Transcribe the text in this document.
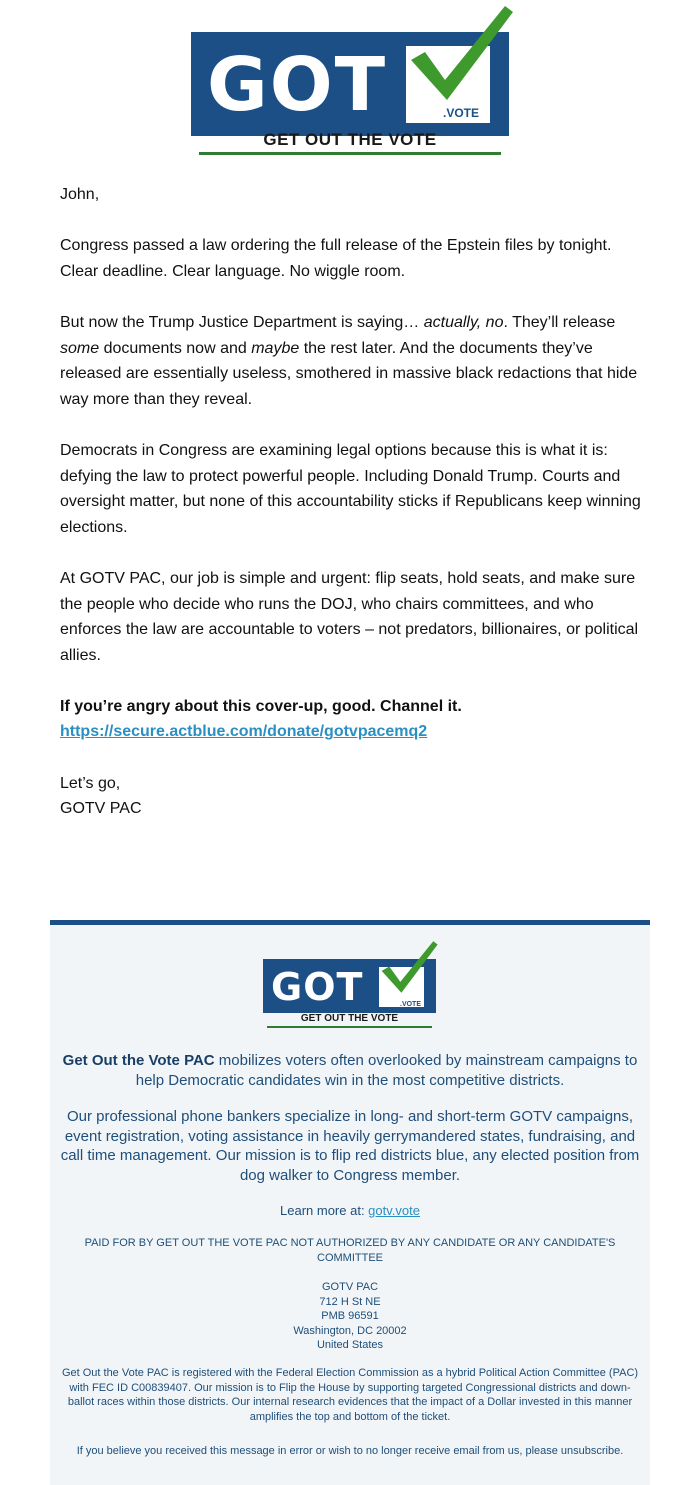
GOT	.VOTE
GET OUT THE VOTE

John,

Congress passed a law ordering the full release of the Epstein files by tonight. Clear deadline. Clear language. No wiggle room.

But now the Trump Justice Department is saying… actually, no. They’ll release some documents now and maybe the rest later. And the documents they’ve released are essentially useless, smothered in massive black redactions that hide way more than they reveal.

Democrats in Congress are examining legal options because this is what it is: defying the law to protect powerful people. Including Donald Trump. Courts and oversight matter, but none of this accountability sticks if Republicans keep winning elections.

At GOTV PAC, our job is simple and urgent: flip seats, hold seats, and make sure the people who decide who runs the DOJ, who chairs committees, and who enforces the law are accountable to voters – not predators, billionaires, or political allies.

If you’re angry about this cover-up, good. Channel it.
https://secure.actblue.com/donate/gotvpacemq2

Let’s go,
GOTV PAC

GOT	.VOTE
GET OUT THE VOTE
Get Out the Vote PAC mobilizes voters often overlooked by mainstream campaigns to help Democratic candidates win in the most competitive districts.
Our professional phone bankers specialize in long- and short-term GOTV campaigns, event registration, voting assistance in heavily gerrymandered states, fundraising, and call time management. Our mission is to flip red districts blue, any elected position from dog walker to Congress member.
Learn more at: gotv.vote
PAID FOR BY GET OUT THE VOTE PAC NOT AUTHORIZED BY ANY CANDIDATE OR ANY CANDIDATE'S COMMITTEE
GOTV PAC
712 H St NE
PMB 96591
Washington, DC 20002
United States
Get Out the Vote PAC is registered with the Federal Election Commission as a hybrid Political Action Committee (PAC) with FEC ID C00839407. Our mission is to Flip the House by supporting targeted Congressional districts and down-ballot races within those districts. Our internal research evidences that the impact of a Dollar invested in this manner amplifies the top and bottom of the ticket.
If you believe you received this message in error or wish to no longer receive email from us, please unsubscribe.
